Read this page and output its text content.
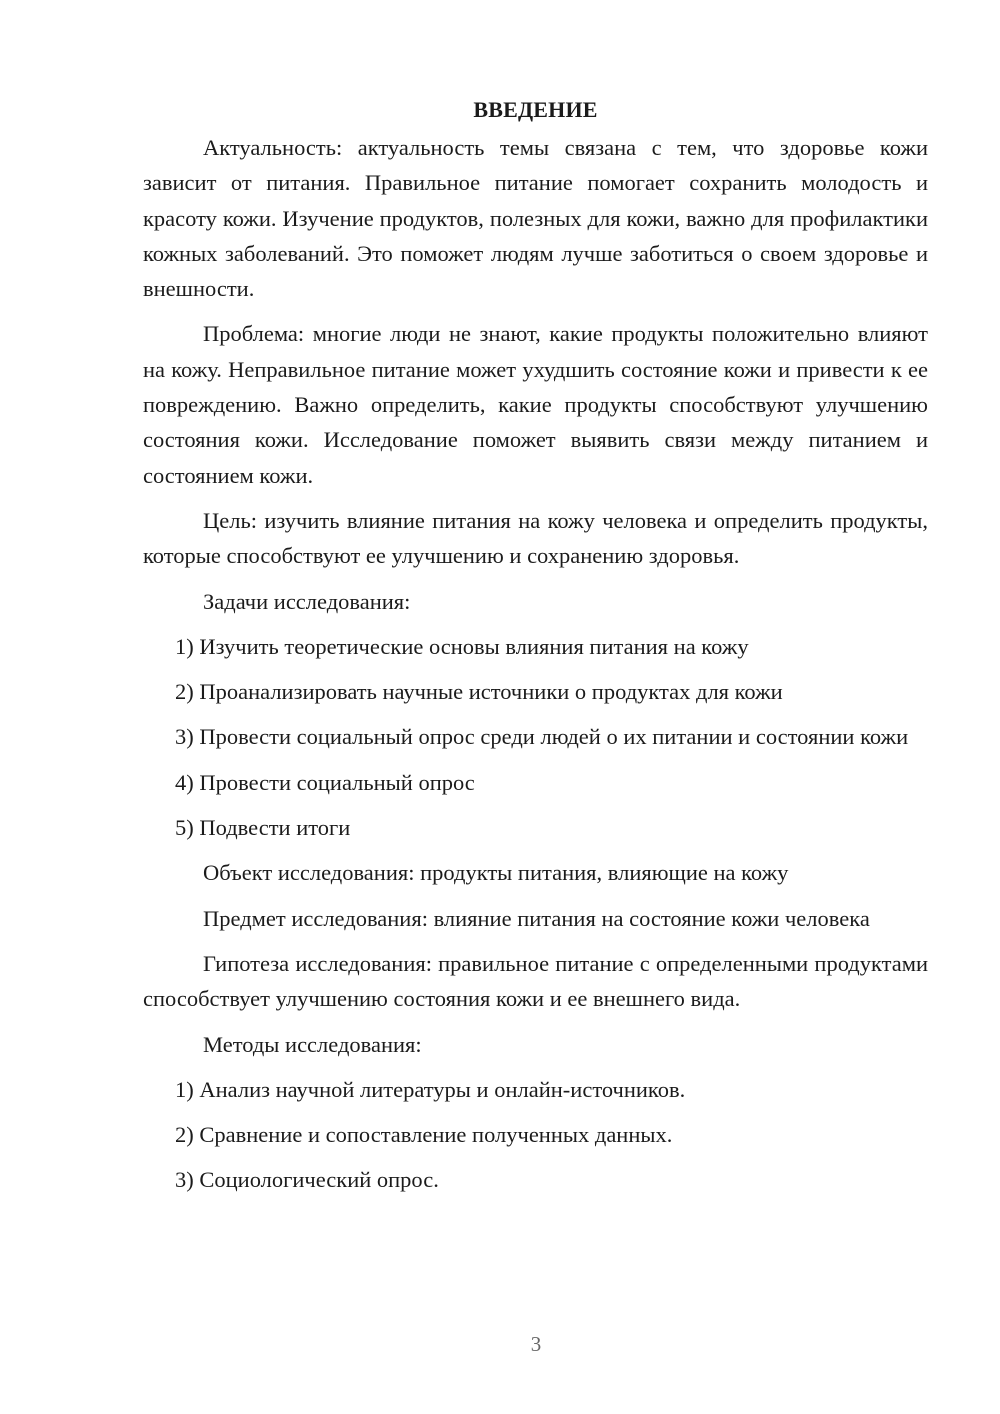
ВВЕДЕНИЕ

Актуальность: актуальность темы связана с тем, что здоровье кожи зависит от питания. Правильное питание помогает сохранить молодость и красоту кожи. Изучение продуктов, полезных для кожи, важно для профилактики кожных заболеваний. Это поможет людям лучше заботиться о своем здоровье и внешности.

Проблема: многие люди не знают, какие продукты положительно влияют на кожу. Неправильное питание может ухудшить состояние кожи и привести к ее повреждению. Важно определить, какие продукты способствуют улучшению состояния кожи. Исследование поможет выявить связи между питанием и состоянием кожи.

Цель: изучить влияние питания на кожу человека и определить продукты, которые способствуют ее улучшению и сохранению здоровья.

Задачи исследования:

1) Изучить теоретические основы влияния питания на кожу

2) Проанализировать научные источники о продуктах для кожи

3) Провести социальный опрос среди людей о их питании и состоянии кожи

4) Провести социальный опрос

5) Подвести итоги

Объект исследования: продукты питания, влияющие на кожу

Предмет исследования: влияние питания на состояние кожи человека

Гипотеза исследования: правильное питание с определенными продуктами способствует улучшению состояния кожи и ее внешнего вида.

Методы исследования:

1) Анализ научной литературы и онлайн-источников.

2) Сравнение и сопоставление полученных данных.

3) Социологический опрос.

3
